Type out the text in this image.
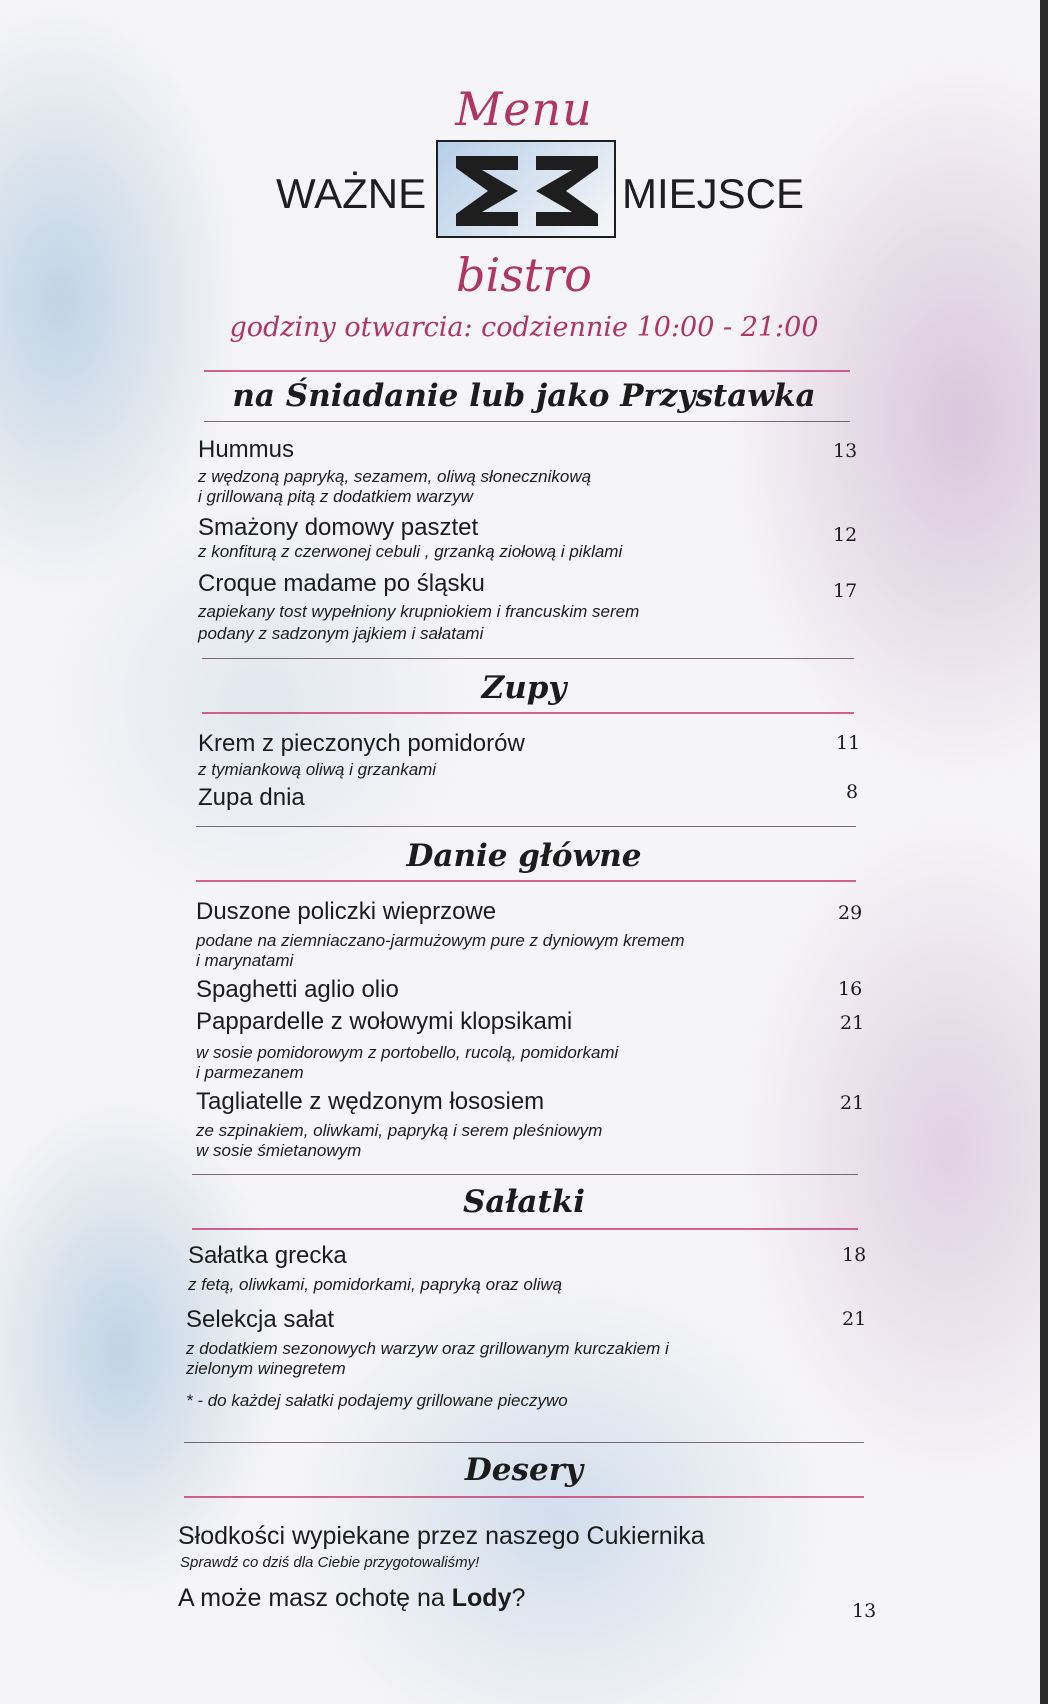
Menu
WAŻNE	MIEJSCE
bistro
godziny otwarcia: codziennie 10:00 - 21:00
na Śniadanie lub jako Przystawka
Hummus	13
z wędzoną papryką, sezamem, oliwą słonecznikową
i grillowaną pitą z dodatkiem warzyw
Smażony domowy pasztet	12
z konfiturą z czerwonej cebuli , grzanką ziołową i piklami
Croque madame po śląsku	17
zapiekany tost wypełniony krupniokiem i francuskim serem
podany z sadzonym jajkiem i sałatami
Zupy
Krem z pieczonych pomidorów	11
z tymiankową oliwą i grzankami
Zupa dnia	8
Danie główne
Duszone policzki wieprzowe	29
podane na ziemniaczano-jarmużowym pure z dyniowym kremem
i marynatami
Spaghetti aglio olio	16
Pappardelle z wołowymi klopsikami	21
w sosie pomidorowym z portobello, rucolą, pomidorkami
i parmezanem
Tagliatelle z wędzonym łososiem	21
ze szpinakiem, oliwkami, papryką i serem pleśniowym
w sosie śmietanowym
Sałatki
Sałatka grecka	18
z fetą, oliwkami, pomidorkami, papryką oraz oliwą
Selekcja sałat	21
z dodatkiem sezonowych warzyw oraz grillowanym kurczakiem i
zielonym winegretem
* - do każdej sałatki podajemy grillowane pieczywo
Desery
Słodkości wypiekane przez naszego Cukiernika
Sprawdź co dziś dla Ciebie przygotowaliśmy!
A może masz ochotę na Lody?	13
